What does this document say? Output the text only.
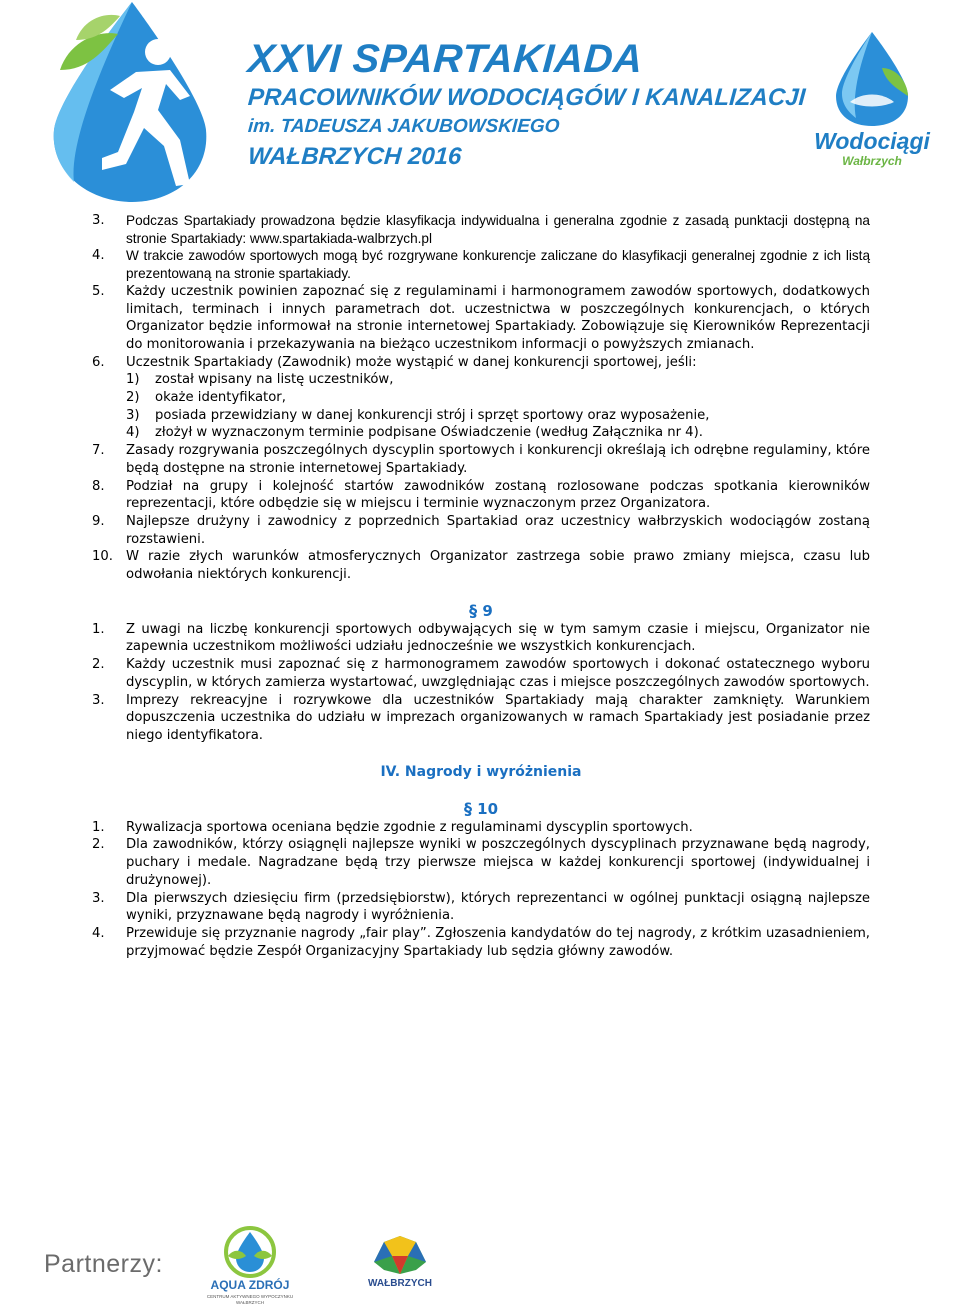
XXVI SPARTAKIADA
PRACOWNIKÓW WODOCIĄGÓW I KANALIZACJI
im. TADEUSZA JAKUBOWSKIEGO
WAŁBRZYCH 2016
Wodociągi
Wałbrzych
3.	Podczas Spartakiady prowadzona będzie klasyfikacja indywidualna i generalna zgodnie z zasadą punktacji dostępną na stronie Spartakiady: www.spartakiada-walbrzych.pl
4.	W trakcie zawodów sportowych mogą być rozgrywane konkurencje zaliczane do klasyfikacji generalnej zgodnie z ich listą prezentowaną na stronie spartakiady.
5.	Każdy uczestnik powinien zapoznać się z regulaminami i harmonogramem zawodów sportowych, dodatkowych limitach, terminach i innych parametrach dot. uczestnictwa w poszczególnych konkurencjach, o których Organizator będzie informował na stronie internetowej Spartakiady. Zobowiązuje się Kierowników Reprezentacji do monitorowania i przekazywania na bieżąco uczestnikom informacji o powyższych zmianach.
6.	Uczestnik Spartakiady (Zawodnik) może wystąpić w danej konkurencji sportowej, jeśli:
1)	został wpisany na listę uczestników,
2)	okaże identyfikator,
3)	posiada przewidziany w danej konkurencji strój i sprzęt sportowy oraz wyposażenie,
4)	złożył w wyznaczonym terminie podpisane Oświadczenie (według Załącznika nr 4).
7.	Zasady rozgrywania poszczególnych dyscyplin sportowych i konkurencji określają ich odrębne regulaminy, które będą dostępne na stronie internetowej Spartakiady.
8.	Podział na grupy i kolejność startów zawodników zostaną rozlosowane podczas spotkania kierowników reprezentacji, które odbędzie się w miejscu i terminie wyznaczonym przez Organizatora.
9.	Najlepsze drużyny i zawodnicy z poprzednich Spartakiad oraz uczestnicy wałbrzyskich wodociągów zostaną rozstawieni.
10. W razie złych warunków atmosferycznych Organizator zastrzega sobie prawo zmiany miejsca, czasu lub odwołania niektórych konkurencji.
§ 9
1.	Z uwagi na liczbę konkurencji sportowych odbywających się w tym samym czasie i miejscu, Organizator nie zapewnia uczestnikom możliwości udziału jednocześnie we wszystkich konkurencjach.
2.	Każdy uczestnik musi zapoznać się z harmonogramem zawodów sportowych i dokonać ostatecznego wyboru dyscyplin, w których zamierza wystartować, uwzględniając czas i miejsce poszczególnych zawodów sportowych.
3.	Imprezy rekreacyjne i rozrywkowe dla uczestników Spartakiady mają charakter zamknięty. Warunkiem dopuszczenia uczestnika do udziału w imprezach organizowanych w ramach Spartakiady jest posiadanie przez niego identyfikatora.
IV. Nagrody i wyróżnienia
§ 10
1.	Rywalizacja sportowa oceniana będzie zgodnie z regulaminami dyscyplin sportowych.
2.	Dla zawodników, którzy osiągnęli najlepsze wyniki w poszczególnych dyscyplinach przyznawane będą nagrody, puchary i medale. Nagradzane będą trzy pierwsze miejsca w każdej konkurencji sportowej (indywidualnej i drużynowej).
3.	Dla pierwszych dziesięciu firm (przedsiębiorstw), których reprezentanci w ogólnej punktacji osiągną najlepsze wyniki, przyznawane będą nagrody i wyróżnienia.
4.	Przewiduje się przyznanie nagrody „fair play”. Zgłoszenia kandydatów do tej nagrody, z krótkim uzasadnieniem, przyjmować będzie Zespół Organizacyjny Spartakiady lub sędzia główny zawodów.
Partnerzy:
AQUA ZDRÓJ
CENTRUM AKTYWNEGO WYPOCZYNKU WAŁBRZYCH
WAŁBRZYCH
